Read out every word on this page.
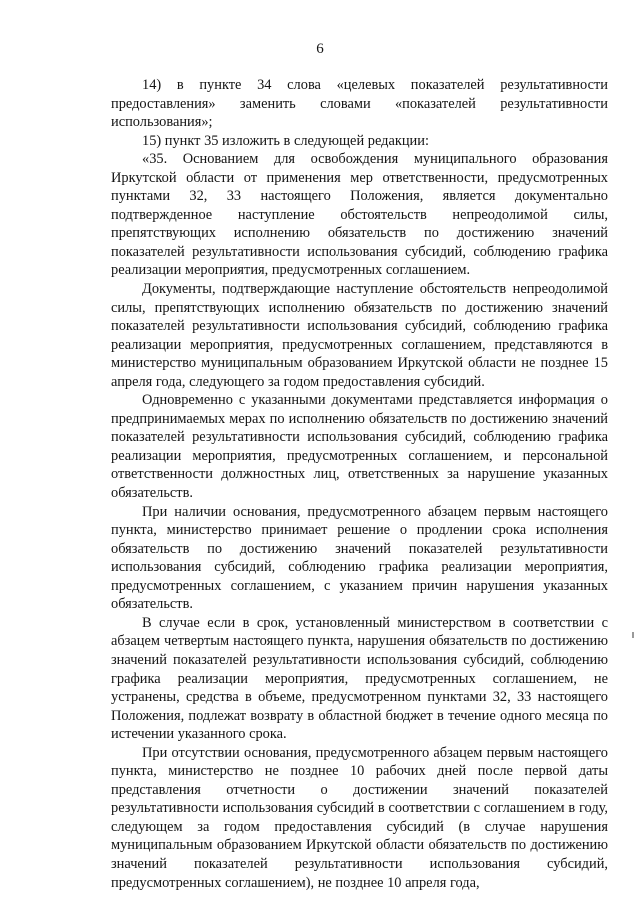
6

14) в пункте 34 слова «целевых показателей результативности предоставления» заменить словами «показателей результативности использования»;

15) пункт 35 изложить в следующей редакции:

«35. Основанием для освобождения муниципального образования Иркутской области от применения мер ответственности, предусмотренных пунктами 32, 33 настоящего Положения, является документально подтвержденное наступление обстоятельств непреодолимой силы, препятствующих исполнению обязательств по достижению значений показателей результативности использования субсидий, соблюдению графика реализации мероприятия, предусмотренных соглашением.

Документы, подтверждающие наступление обстоятельств непреодолимой силы, препятствующих исполнению обязательств по достижению значений показателей результативности использования субсидий, соблюдению графика реализации мероприятия, предусмотренных соглашением, представляются в министерство муниципальным образованием Иркутской области не позднее 15 апреля года, следующего за годом предоставления субсидий.

Одновременно с указанными документами представляется информация о предпринимаемых мерах по исполнению обязательств по достижению значений показателей результативности использования субсидий, соблюдению графика реализации мероприятия, предусмотренных соглашением, и персональной ответственности должностных лиц, ответственных за нарушение указанных обязательств.

При наличии основания, предусмотренного абзацем первым настоящего пункта, министерство принимает решение о продлении срока исполнения обязательств по достижению значений показателей результативности использования субсидий, соблюдению графика реализации мероприятия, предусмотренных соглашением, с указанием причин нарушения указанных обязательств.

В случае если в срок, установленный министерством в соответствии с абзацем четвертым настоящего пункта, нарушения обязательств по достижению значений показателей результативности использования субсидий, соблюдению графика реализации мероприятия, предусмотренных соглашением, не устранены, средства в объеме, предусмотренном пунктами 32, 33 настоящего Положения, подлежат возврату в областной бюджет в течение одного месяца по истечении указанного срока.

При отсутствии основания, предусмотренного абзацем первым настоящего пункта, министерство не позднее 10 рабочих дней после первой даты представления отчетности о достижении значений показателей результативности использования субсидий в соответствии с соглашением в году, следующем за годом предоставления субсидий (в случае нарушения муниципальным образованием Иркутской области обязательств по достижению значений показателей результативности использования субсидий, предусмотренных соглашением), не позднее 10 апреля года,
